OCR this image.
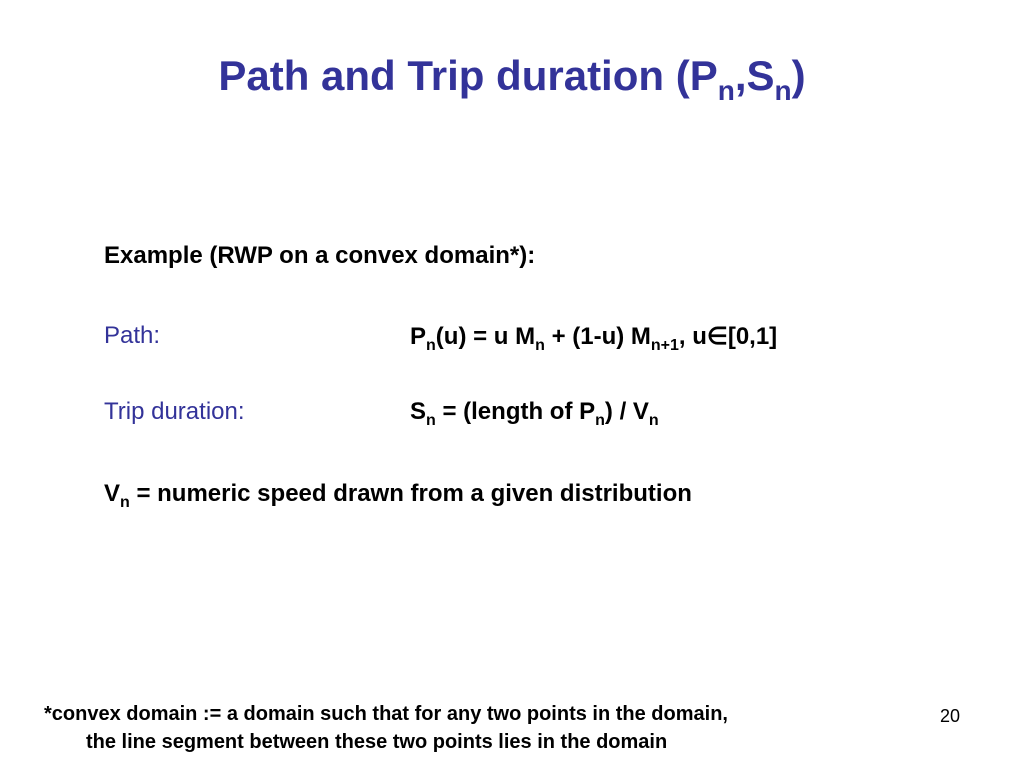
Path and Trip duration $(P_n,S_n)$
Example (RWP on a convex domain*):
Path:	$P_n(u) = u$ $M_n + (1-u)$ $M_{n+1}$, u∈[0,1]
Trip duration:	$S_n$ = (length of $P_n) / V_n$
$V_n$ = numeric speed drawn from a given distribution
*convex domain := a domain such that for any two points in the domain,
the line segment between these two points lies in the domain
20
